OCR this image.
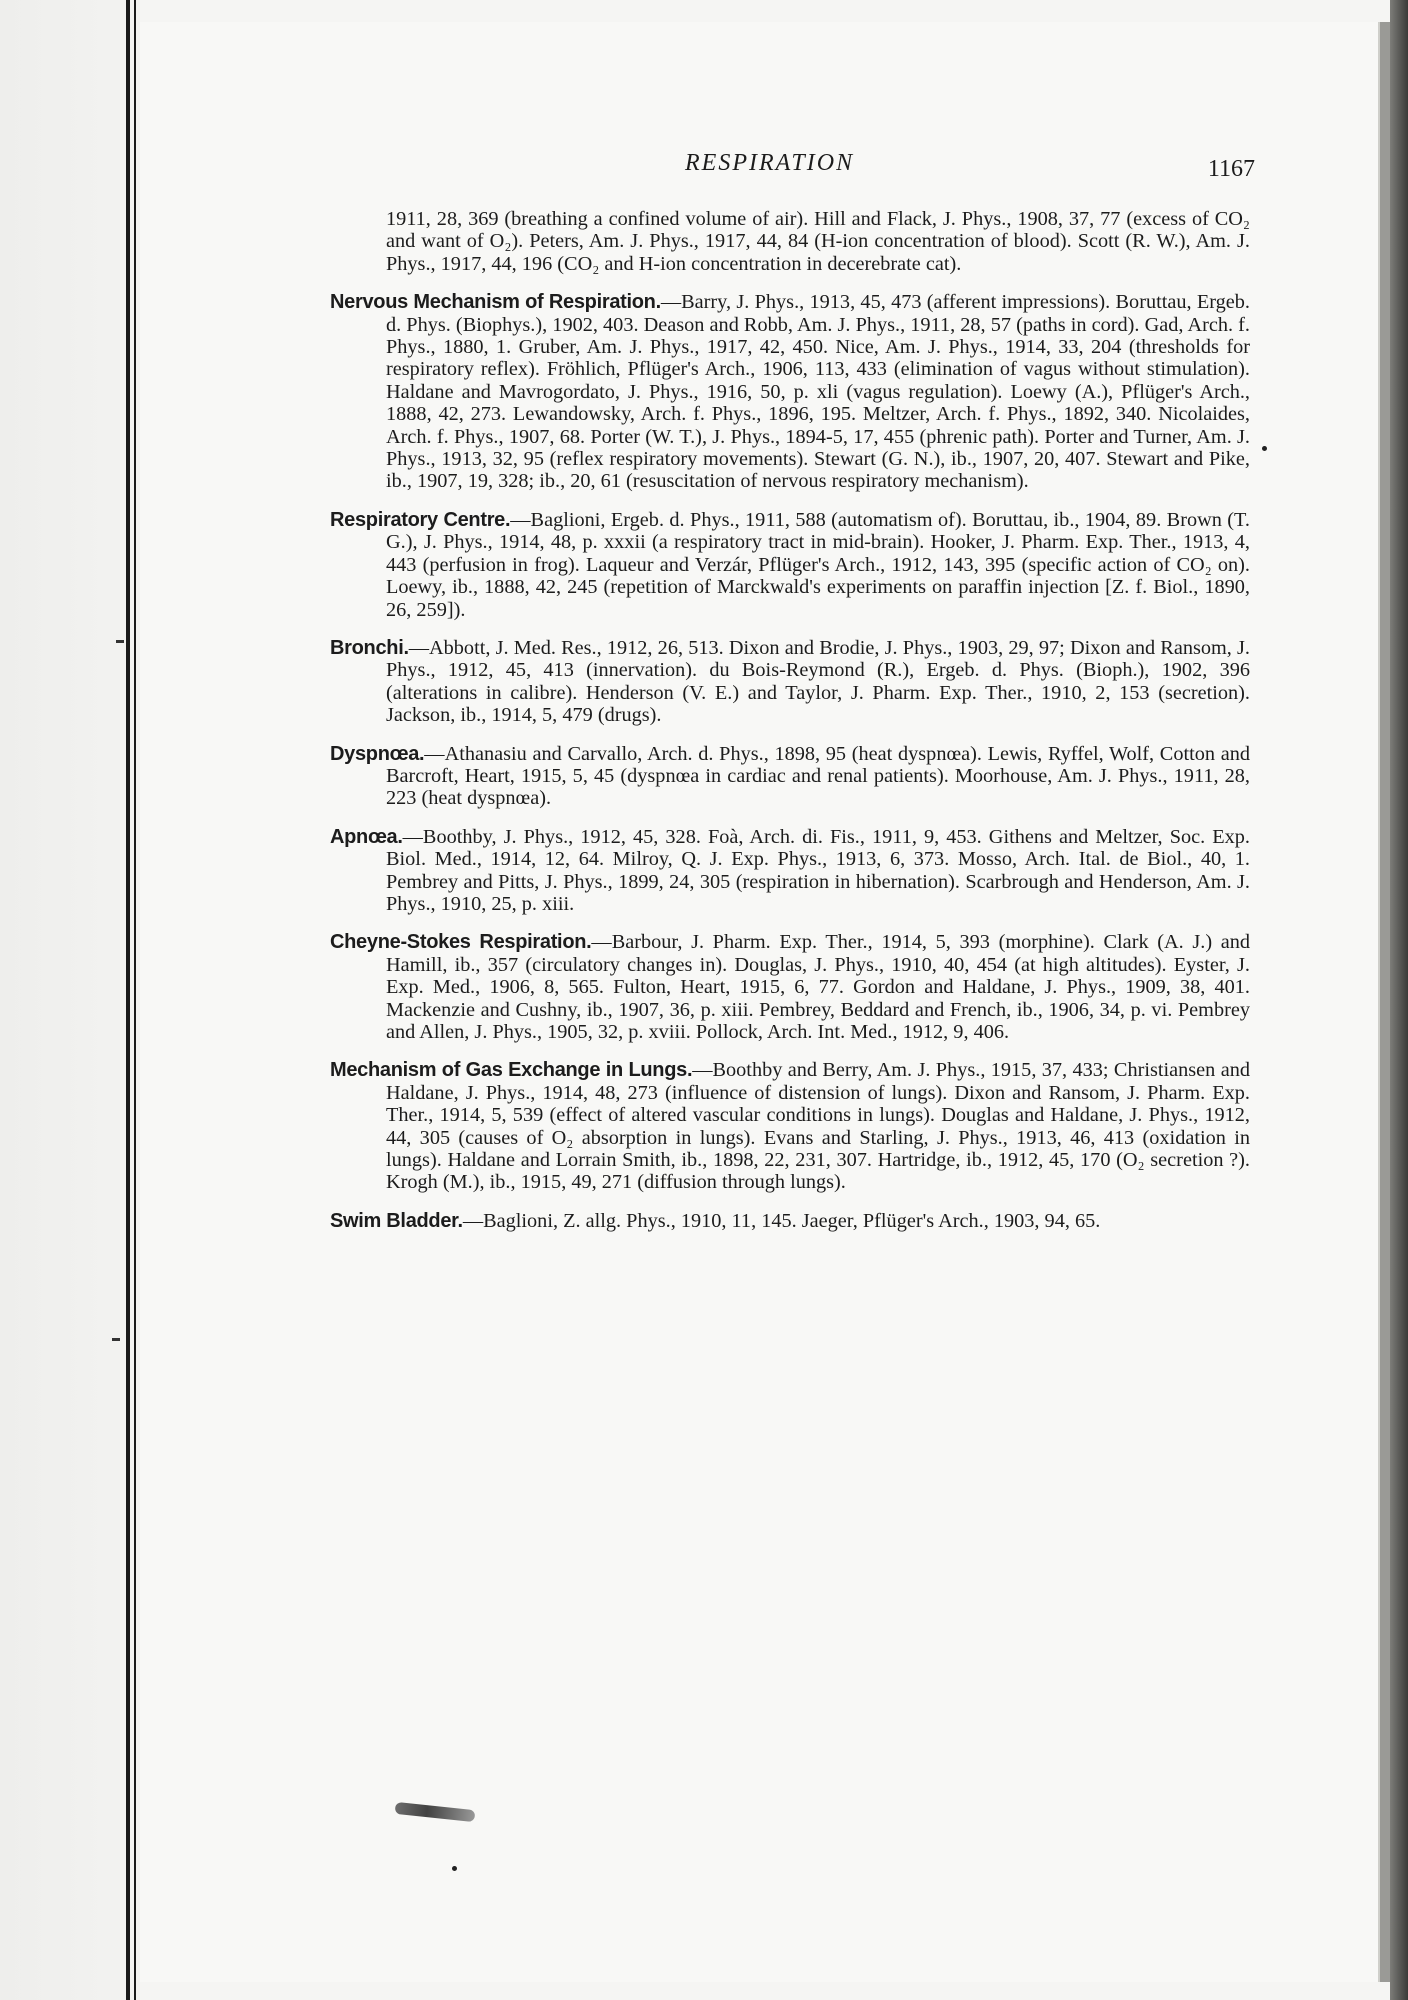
RESPIRATION	1167

1911, 28, 369 (breathing a confined volume of air). Hill and Flack, J. Phys., 1908, 37, 77 (excess of CO₂ and want of O₂). Peters, Am. J. Phys., 1917, 44, 84 (H-ion concentration of blood). Scott (R. W.), Am. J. Phys., 1917, 44, 196 (CO₂ and H-ion concentration in decerebrate cat).

Nervous Mechanism of Respiration.—Barry, J. Phys., 1913, 45, 473 (afferent impressions). Boruttau, Ergeb. d. Phys. (Biophys.), 1902, 403. Deason and Robb, Am. J. Phys., 1911, 28, 57 (paths in cord). Gad, Arch. f. Phys., 1880, 1. Gruber, Am. J. Phys., 1917, 42, 450. Nice, Am. J. Phys., 1914, 33, 204 (thresholds for respiratory reflex). Fröhlich, Pflüger's Arch., 1906, 113, 433 (elimination of vagus without stimulation). Haldane and Mavrogordato, J. Phys., 1916, 50, p. xli (vagus regulation). Loewy (A.), Pflüger's Arch., 1888, 42, 273. Lewandowsky, Arch. f. Phys., 1896, 195. Meltzer, Arch. f. Phys., 1892, 340. Nicolaides, Arch. f. Phys., 1907, 68. Porter (W. T.), J. Phys., 1894-5, 17, 455 (phrenic path). Porter and Turner, Am. J. Phys., 1913, 32, 95 (reflex respiratory movements). Stewart (G. N.), ib., 1907, 20, 407. Stewart and Pike, ib., 1907, 19, 328; ib., 20, 61 (resuscitation of nervous respiratory mechanism).

Respiratory Centre.—Baglioni, Ergeb. d. Phys., 1911, 588 (automatism of). Boruttau, ib., 1904, 89. Brown (T. G.), J. Phys., 1914, 48, p. xxxii (a respiratory tract in mid-brain). Hooker, J. Pharm. Exp. Ther., 1913, 4, 443 (perfusion in frog). Laqueur and Verzár, Pflüger's Arch., 1912, 143, 395 (specific action of CO₂ on). Loewy, ib., 1888, 42, 245 (repetition of Marckwald's experiments on paraffin injection [Z. f. Biol., 1890, 26, 259]).

Bronchi.—Abbott, J. Med. Res., 1912, 26, 513. Dixon and Brodie, J. Phys., 1903, 29, 97; Dixon and Ransom, J. Phys., 1912, 45, 413 (innervation). du Bois-Reymond (R.), Ergeb. d. Phys. (Bioph.), 1902, 396 (alterations in calibre). Henderson (V. E.) and Taylor, J. Pharm. Exp. Ther., 1910, 2, 153 (secretion). Jackson, ib., 1914, 5, 479 (drugs).

Dyspnœa.—Athanasiu and Carvallo, Arch. d. Phys., 1898, 95 (heat dyspnœa). Lewis, Ryffel, Wolf, Cotton and Barcroft, Heart, 1915, 5, 45 (dyspnœa in cardiac and renal patients). Moorhouse, Am. J. Phys., 1911, 28, 223 (heat dyspnœa).

Apnœa.—Boothby, J. Phys., 1912, 45, 328. Foà, Arch. di. Fis., 1911, 9, 453. Githens and Meltzer, Soc. Exp. Biol. Med., 1914, 12, 64. Milroy, Q. J. Exp. Phys., 1913, 6, 373. Mosso, Arch. Ital. de Biol., 40, 1. Pembrey and Pitts, J. Phys., 1899, 24, 305 (respiration in hibernation). Scarbrough and Henderson, Am. J. Phys., 1910, 25, p. xiii.

Cheyne-Stokes Respiration.—Barbour, J. Pharm. Exp. Ther., 1914, 5, 393 (morphine). Clark (A. J.) and Hamill, ib., 357 (circulatory changes in). Douglas, J. Phys., 1910, 40, 454 (at high altitudes). Eyster, J. Exp. Med., 1906, 8, 565. Fulton, Heart, 1915, 6, 77. Gordon and Haldane, J. Phys., 1909, 38, 401. Mackenzie and Cushny, ib., 1907, 36, p. xiii. Pembrey, Beddard and French, ib., 1906, 34, p. vi. Pembrey and Allen, J. Phys., 1905, 32, p. xviii. Pollock, Arch. Int. Med., 1912, 9, 406.

Mechanism of Gas Exchange in Lungs.—Boothby and Berry, Am. J. Phys., 1915, 37, 433; Christiansen and Haldane, J. Phys., 1914, 48, 273 (influence of distension of lungs). Dixon and Ransom, J. Pharm. Exp. Ther., 1914, 5, 539 (effect of altered vascular conditions in lungs). Douglas and Haldane, J. Phys., 1912, 44, 305 (causes of O₂ absorption in lungs). Evans and Starling, J. Phys., 1913, 46, 413 (oxidation in lungs). Haldane and Lorrain Smith, ib., 1898, 22, 231, 307. Hartridge, ib., 1912, 45, 170 (O₂ secretion ?). Krogh (M.), ib., 1915, 49, 271 (diffusion through lungs).

Swim Bladder.—Baglioni, Z. allg. Phys., 1910, 11, 145. Jaeger, Pflüger's Arch., 1903, 94, 65.
